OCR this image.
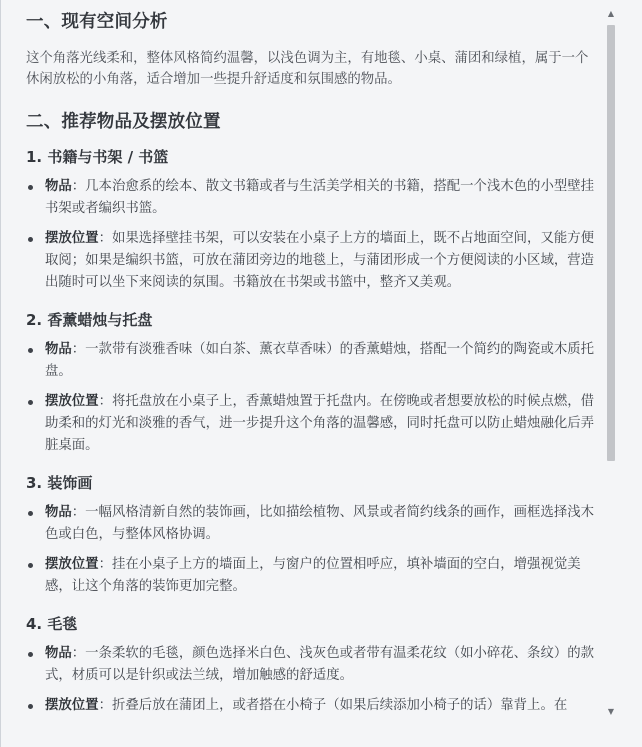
一、现有空间分析

这个角落光线柔和，整体风格简约温馨，以浅色调为主，有地毯、小桌、蒲团和绿植，属于一个休闲放松的小角落，适合增加一些提升舒适度和氛围感的物品。

二、推荐物品及摆放位置
1. 书籍与书架 / 书篮
物品：几本治愈系的绘本、散文书籍或者与生活美学相关的书籍，搭配一个浅木色的小型壁挂书架或者编织书篮。
摆放位置：如果选择壁挂书架，可以安装在小桌子上方的墙面上，既不占地面空间，又能方便取阅；如果是编织书篮，可放在蒲团旁边的地毯上，与蒲团形成一个方便阅读的小区域，营造出随时可以坐下来阅读的氛围。书籍放在书架或书篮中，整齐又美观。
2. 香薰蜡烛与托盘
物品：一款带有淡雅香味（如白茶、薰衣草香味）的香薰蜡烛，搭配一个简约的陶瓷或木质托盘。
摆放位置：将托盘放在小桌子上，香薰蜡烛置于托盘内。在傍晚或者想要放松的时候点燃，借助柔和的灯光和淡雅的香气，进一步提升这个角落的温馨感，同时托盘可以防止蜡烛融化后弄脏桌面。
3. 装饰画
物品：一幅风格清新自然的装饰画，比如描绘植物、风景或者简约线条的画作，画框选择浅木色或白色，与整体风格协调。
摆放位置：挂在小桌子上方的墙面上，与窗户的位置相呼应，填补墙面的空白，增强视觉美感，让这个角落的装饰更加完整。
4. 毛毯
物品：一条柔软的毛毯，颜色选择米白色、浅灰色或者带有温柔花纹（如小碎花、条纹）的款式，材质可以是针织或法兰绒，增加触感的舒适度。
摆放位置：折叠后放在蒲团上，或者搭在小椅子（如果后续添加小椅子的话）靠背上。在
▲
▼
